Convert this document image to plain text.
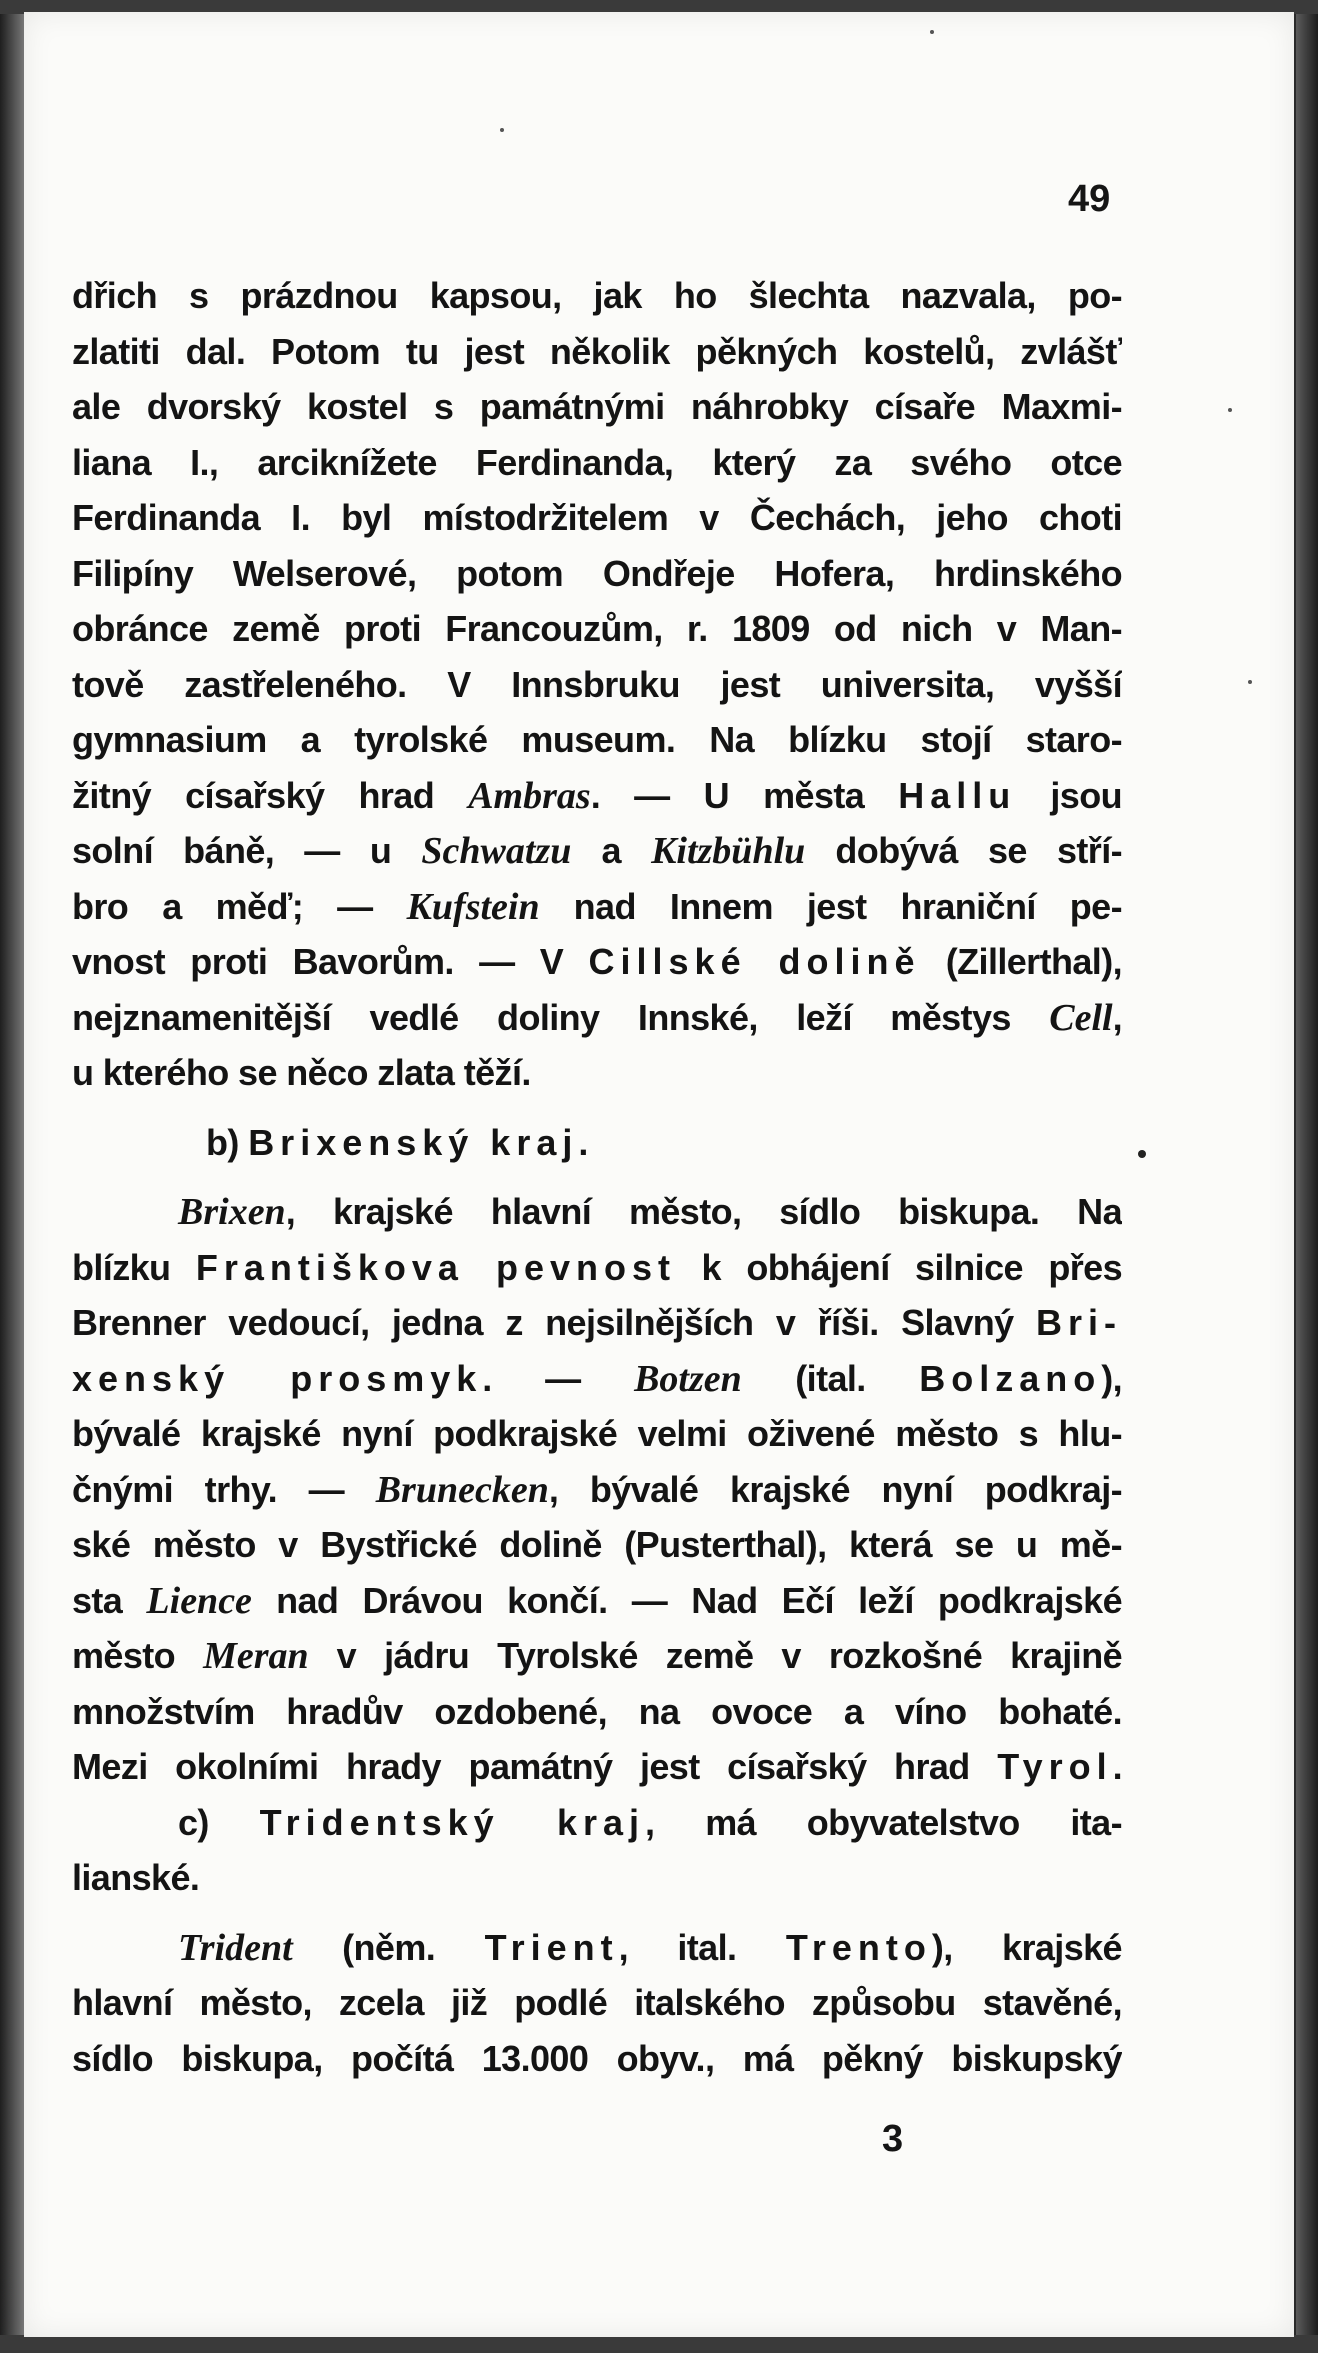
49
dřich s prázdnou kapsou, jak ho šlechta nazvala, po-
zlatiti dal. Potom tu jest několik pěkných kostelů, zvlášť
ale dvorský kostel s památnými náhrobky císaře Maxmi-
liana I., arcikn​ížete Ferdinanda, který za svého otce
Ferdinanda I. byl místodržitelem v Čechách, jeho choti
Filipíny Welserové, potom Ondřeje Hofera, hrdinského
obránce země proti Francouzům, r. 1809 od nich v Man-
tově zastřeleného. V Innsbruku jest universita, vyšší
gymnasium a tyrolské museum. Na blízku stojí staro-
žitný císařský hrad Ambras. — U města Hallu jsou
solní báně, — u Schwatzu a Kitzbühlu dobývá se stří-
bro a měď; — Kufstein nad Innem jest hraniční pe-
vnost proti Bavorům. — V Cillské dolině (Zillerthal),
nejznamenitější vedlé doliny Innské, leží městys Cell,
u kterého se něco zlata těží.
b) Brixenský kraj.
Brixen, krajské hlavní město, sídlo biskupa. Na
blízku Františkova pevnost k obhájení silnice přes
Brenner vedoucí, jedna z nejsilnějších v říši. Slavný Bri-
xenský prosmyk. — Botzen (ital. Bolzano),
bývalé krajské nyní podkrajské velmi oživené město s hlu-
čnými trhy. — Brunecken, bývalé krajské nyní podkraj-
ské město v Bystřické dolině (Pusterthal), která se u mě-
sta Lience nad Drávou končí. — Nad Ečí leží podkrajské
město Meran v jádru Tyrolské země v rozkošné krajině
množstvím hradův ozdobené, na ovoce a víno bohaté.
Mezi okolními hrady památný jest císařský hrad Tyrol.
c) Tridentský kraj, má obyvatelstvo ita-
lianské.
Trident (něm. Trient, ital. Trento), krajské
hlavní město, zcela již podlé italského způsobu stavěné,
sídlo biskupa, počítá 13.000 obyv., má pěkný biskupský
3
